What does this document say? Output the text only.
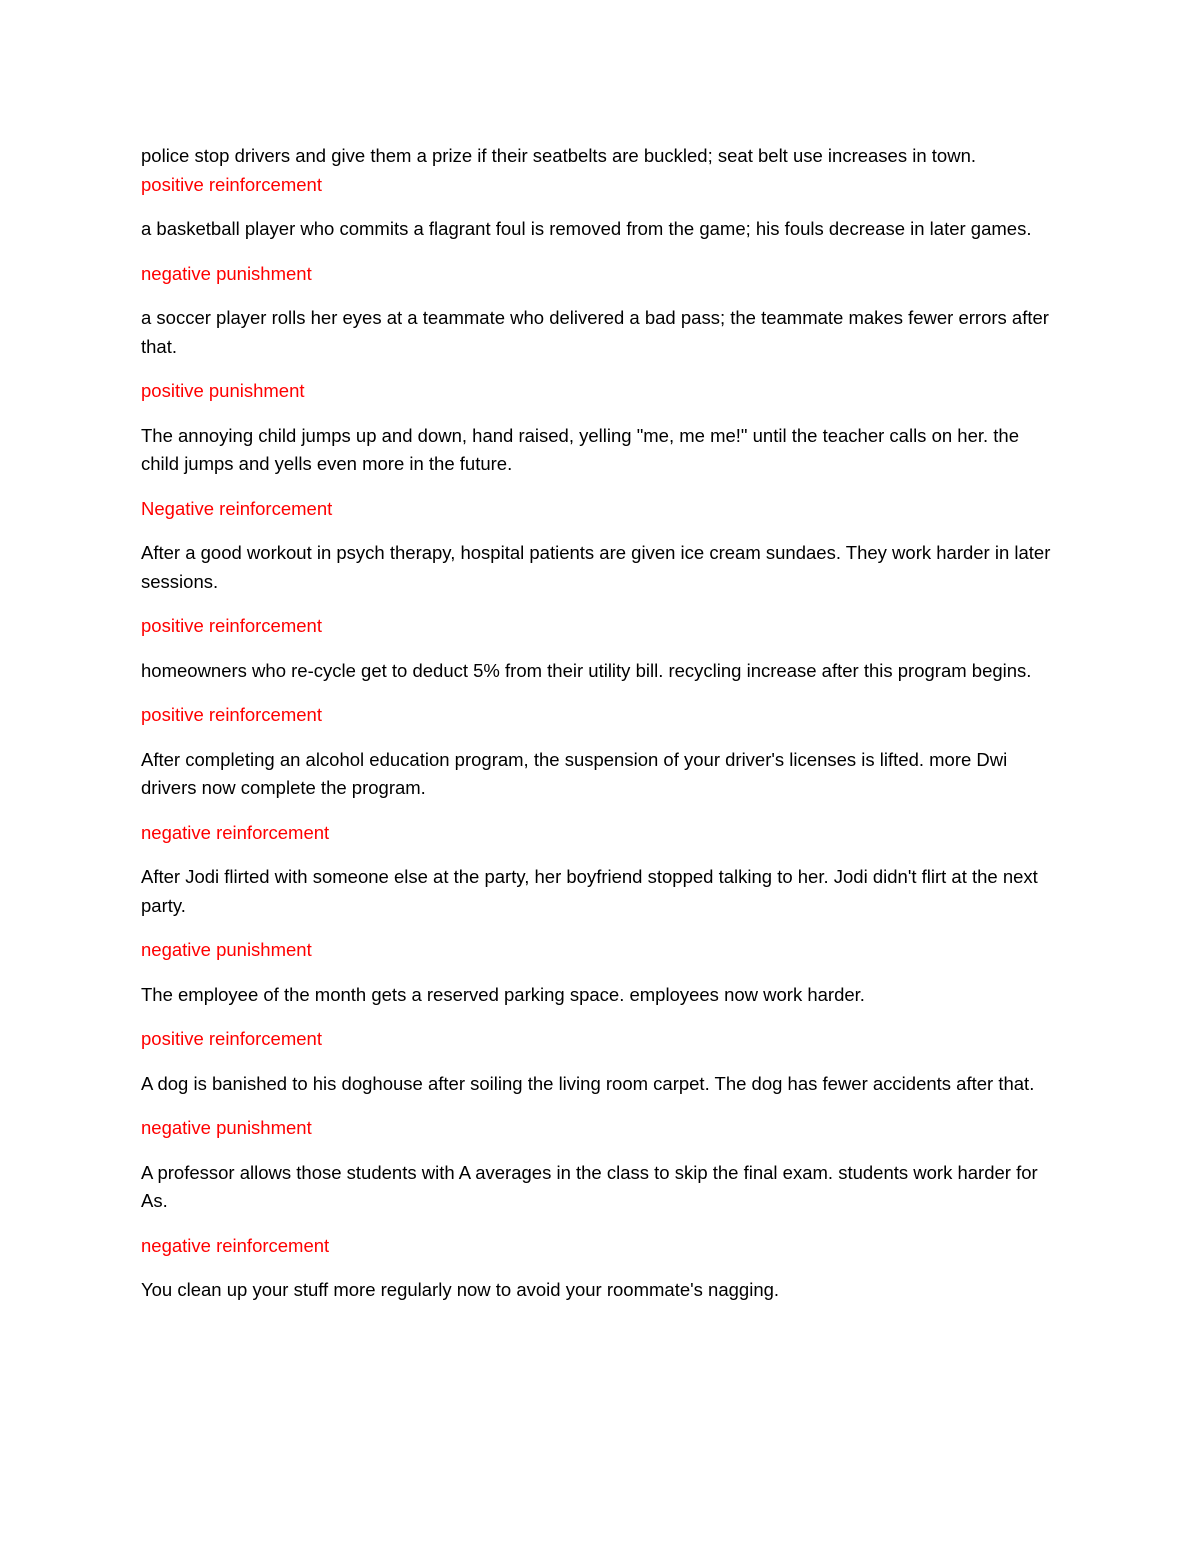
police stop drivers and give them a prize if their seatbelts are buckled; seat belt use increases in town.

positive reinforcement

a basketball player who commits a flagrant foul is removed from the game; his fouls decrease in later games.

negative punishment

a soccer player rolls her eyes at a teammate who delivered a bad pass; the teammate makes fewer errors after that.

positive punishment

The annoying child jumps up and down, hand raised, yelling "me, me me!" until the teacher calls on her. the child jumps and yells even more in the future.

Negative reinforcement

After a good workout in psych therapy, hospital patients are given ice cream sundaes. They work harder in later sessions.

positive reinforcement

homeowners who re-cycle get to deduct 5% from their utility bill. recycling increase after this program begins.

positive reinforcement

After completing an alcohol education program, the suspension of your driver's licenses is lifted. more Dwi drivers now complete the program.

negative reinforcement

After Jodi flirted with someone else at the party, her boyfriend stopped talking to her. Jodi didn't flirt at the next party.

negative punishment

The employee of the month gets a reserved parking space. employees now work harder.

positive reinforcement

A dog is banished to his doghouse after soiling the living room carpet. The dog has fewer accidents after that.

negative punishment

A professor allows those students with A averages in the class to skip the final exam. students work harder for As.

negative reinforcement

You clean up your stuff more regularly now to avoid your roommate's nagging.
